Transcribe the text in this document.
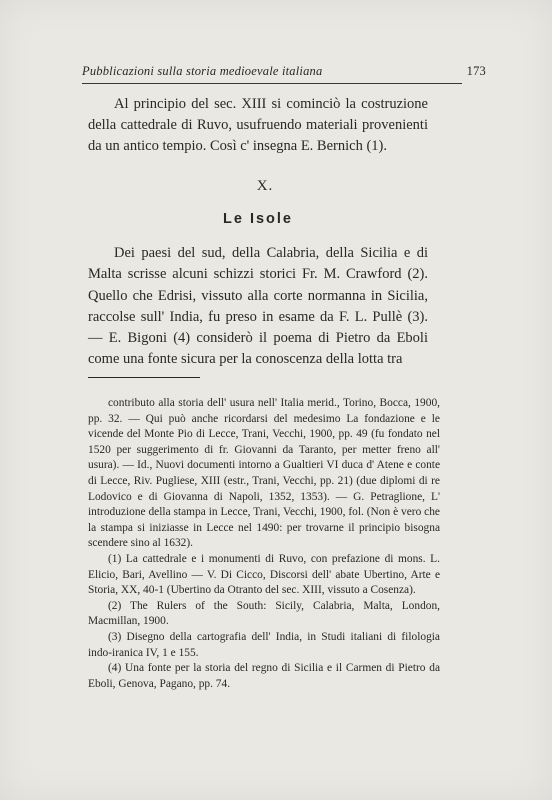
Pubblicazioni sulla storia medioevale italiana	173

Al principio del sec. XIII si cominciò la costruzione della cattedrale di Ruvo, usufruendo materiali provenienti da un antico tempio. Così c' insegna E. Bernich (1).

X.
Le Isole

Dei paesi del sud, della Calabria, della Sicilia e di Malta scrisse alcuni schizzi storici Fr. M. Crawford (2). Quello che Edrisi, vissuto alla corte normanna in Sicilia, raccolse sull' India, fu preso in esame da F. L. Pullè (3). — E. Bigoni (4) considerò il poema di Pietro da Eboli come una fonte sicura per la conoscenza della lotta tra

contributo alla storia dell' usura nell' Italia merid., Torino, Bocca, 1900, pp. 32. — Qui può anche ricordarsi del medesimo La fondazione e le vicende del Monte Pio di Lecce, Trani, Vecchi, 1900, pp. 49 (fu fondato nel 1520 per suggerimento di fr. Giovanni da Taranto, per metter freno all' usura). — Id., Nuovi documenti intorno a Gualtieri VI duca d' Atene e conte di Lecce, Riv. Pugliese, XIII (estr., Trani, Vecchi, pp. 21) (due diplomi di re Lodovico e di Giovanna di Napoli, 1352, 1353). — G. Petraglione, L' introduzione della stampa in Lecce, Trani, Vecchi, 1900, fol. (Non è vero che la stampa si iniziasse in Lecce nel 1490: per trovarne il principio bisogna scendere sino al 1632).

(1) La cattedrale e i monumenti di Ruvo, con prefazione di mons. L. Elicio, Bari, Avellino — V. Di Cicco, Discorsi dell' abate Ubertino, Arte e Storia, XX, 40-1 (Ubertino da Otranto del sec. XIII, vissuto a Cosenza).

(2) The Rulers of the South: Sicily, Calabria, Malta, London, Macmillan, 1900.

(3) Disegno della cartografia dell' India, in Studi italiani di filologia indo-iranica IV, 1 e 155.

(4) Una fonte per la storia del regno di Sicilia e il Carmen di Pietro da Eboli, Genova, Pagano, pp. 74.
